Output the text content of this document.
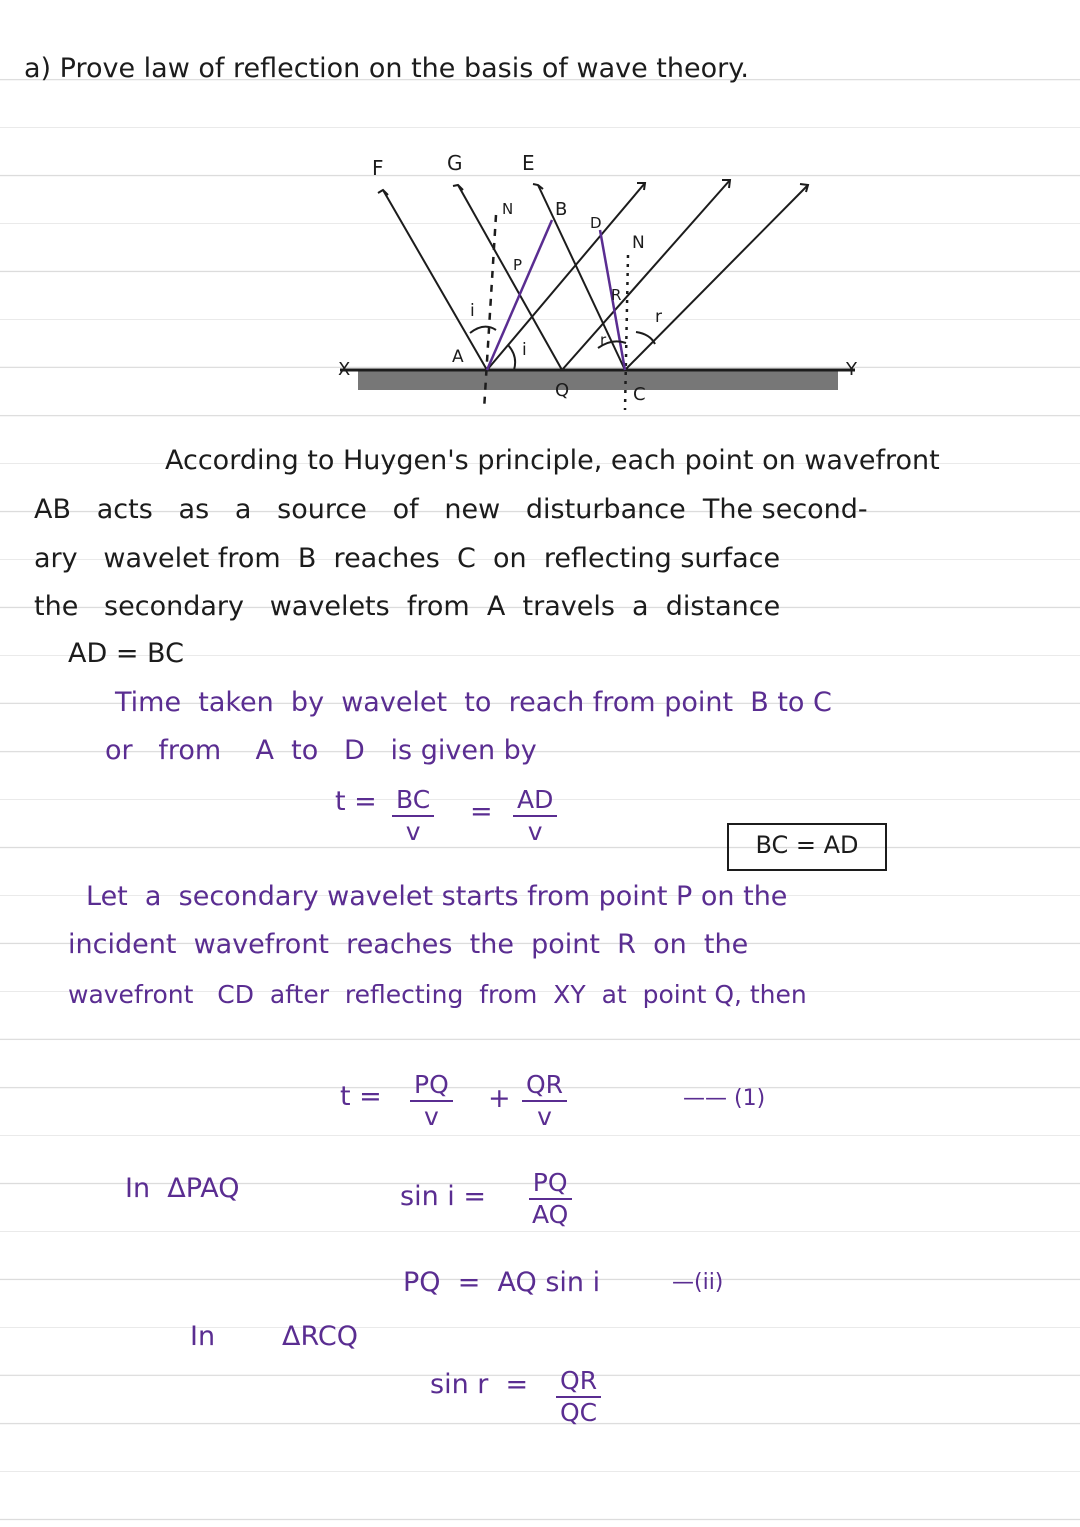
a) Prove law of reflection on the basis of wave theory.
F	G	E
N B
D
N
P
R
i
i	r
r
A
X	Y
Q	C
According to Huygen's principle, each point on wavefront
AB   acts   as   a   source   of   new   disturbance  The second-
ary   wavelet from  B  reaches  C  on  reflecting surface
the   secondary   wavelets  from  A  travels  a  distance
AD = BC
Time  taken  by  wavelet  to  reach from point  B to C
or   from    A  to   D   is given by
$t = \frac{BC}{v} = \frac{AD}{v}$	BC = AD
Let  a  secondary wavelet starts from point P on the
incident  wavefront  reaches  the  point  R  on  the
wavefront   CD  after  reflecting  from  XY  at  point Q, then
$t = \frac{PQ}{v} + \frac{QR}{v}$	—— (1)
In  ΔPAQ	$\sin i = \frac{PQ}{AQ}$
PQ  =  AQ sin i	—(ii)
In ΔRCQ
$\sin r = \frac{QR}{QC}$
